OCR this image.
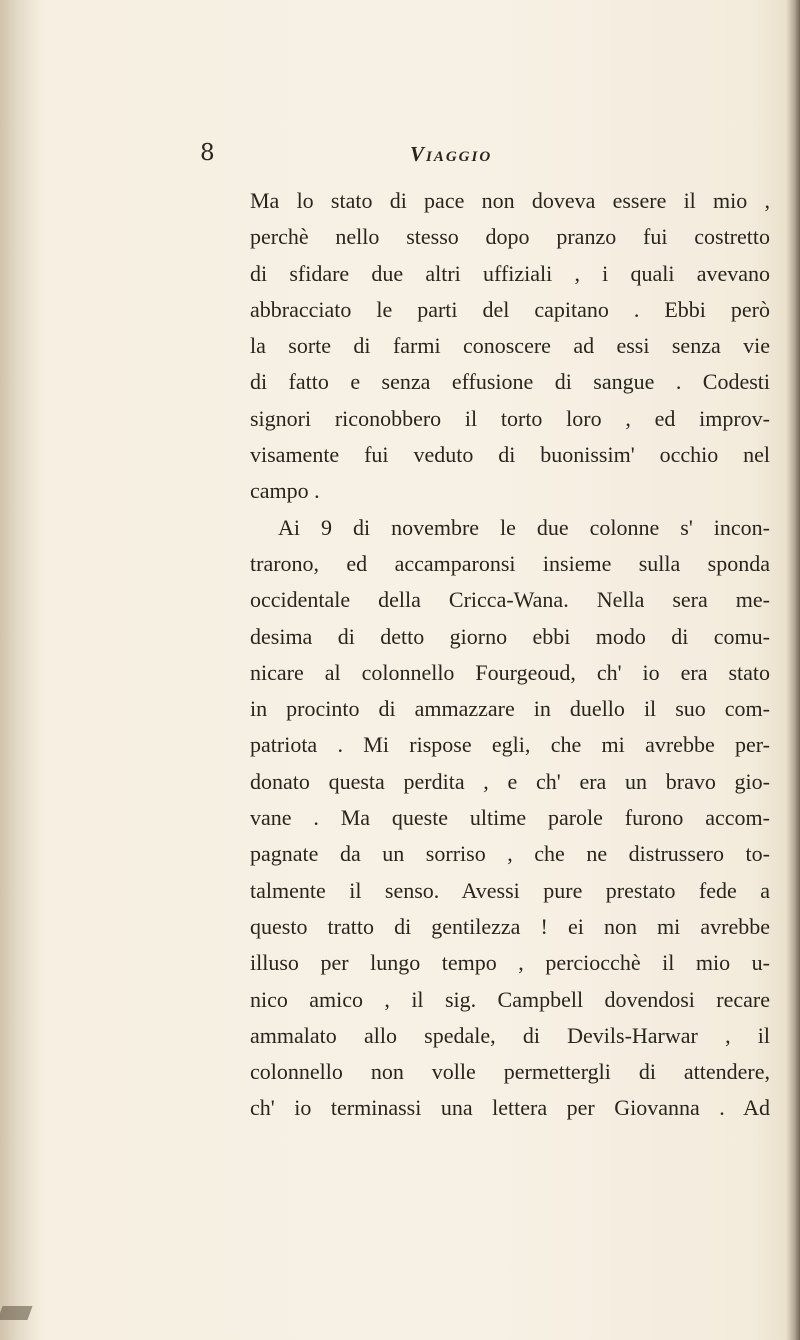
8	Viaggio
Ma lo stato di pace non doveva essere il mio ,
perchè nello stesso dopo pranzo fui costretto
di sfidare due altri uffiziali , i quali avevano
abbracciato le parti del capitano . Ebbi però
la sorte di farmi conoscere ad essi senza vie
di fatto e senza effusione di sangue . Codesti
signori riconobbero il torto loro , ed improv-
visamente fui veduto di buonissim' occhio nel
campo .
Ai 9 di novembre le due colonne s' incon-
trarono, ed accamparonsi insieme sulla sponda
occidentale della Cricca-Wana. Nella sera me-
desima di detto giorno ebbi modo di comu-
nicare al colonnello Fourgeoud, ch' io era stato
in procinto di ammazzare in duello il suo com-
patriota . Mi rispose egli, che mi avrebbe per-
donato questa perdita , e ch' era un bravo gio-
vane . Ma queste ultime parole furono accom-
pagnate da un sorriso , che ne distrussero to-
talmente il senso. Avessi pure prestato fede a
questo tratto di gentilezza ! ei non mi avrebbe
illuso per lungo tempo , perciocchè il mio u-
nico amico , il sig. Campbell dovendosi recare
ammalato allo spedale, di Devils-Harwar , il
colonnello non volle permettergli di attendere,
ch' io terminassi una lettera per Giovanna . Ad
